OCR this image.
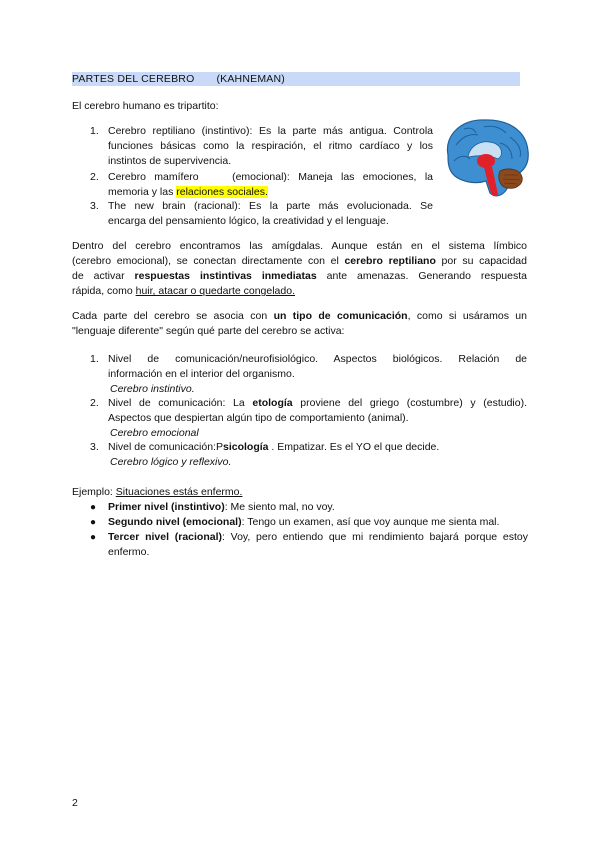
PARTES DEL CEREBRO (KAHNEMAN)

El cerebro humano es tripartito:

1. Cerebro reptiliano (instintivo): Es la parte más antigua. Controla
funciones básicas como la respiración, el ritmo cardíaco y los
instintos de supervivencia.
2. Cerebro mamífero    (emocional): Maneja las emociones, la
memoria y las relaciones sociales.
3. The new brain (racional): Es la parte más evolucionada. Se
encarga del pensamiento lógico, la creatividad y el lenguaje.
Dentro del cerebro encontramos las amígdalas. Aunque están en el sistema límbico
(cerebro emocional), se conectan directamente con el cerebro reptiliano por su capacidad
de activar respuestas instintivas inmediatas ante amenazas. Generando respuesta
rápida, como huir, atacar o quedarte congelado.
Cada parte del cerebro se asocia con un tipo de comunicación, como si usáramos un
"lenguaje diferente" según qué parte del cerebro se activa:
1. Nivel de comunicación/neurofisiológico. Aspectos biológicos. Relación de
información en el interior del organismo.
Cerebro instintivo.
2. Nivel de comunicación: La etología proviene del griego (costumbre) y (estudio).
Aspectos que despiertan algún tipo de comportamiento (animal).
Cerebro emocional
3. Nivel de comunicación:Psicología . Empatizar. Es el YO el que decide.
Cerebro lógico y reflexivo.
Ejemplo: Situaciones estás enfermo.
● Primer nivel (instintivo): Me siento mal, no voy.
● Segundo nivel (emocional): Tengo un examen, así que voy aunque me sienta mal.
● Tercer nivel (racional): Voy, pero entiendo que mi rendimiento bajará porque estoy
enfermo.
2
